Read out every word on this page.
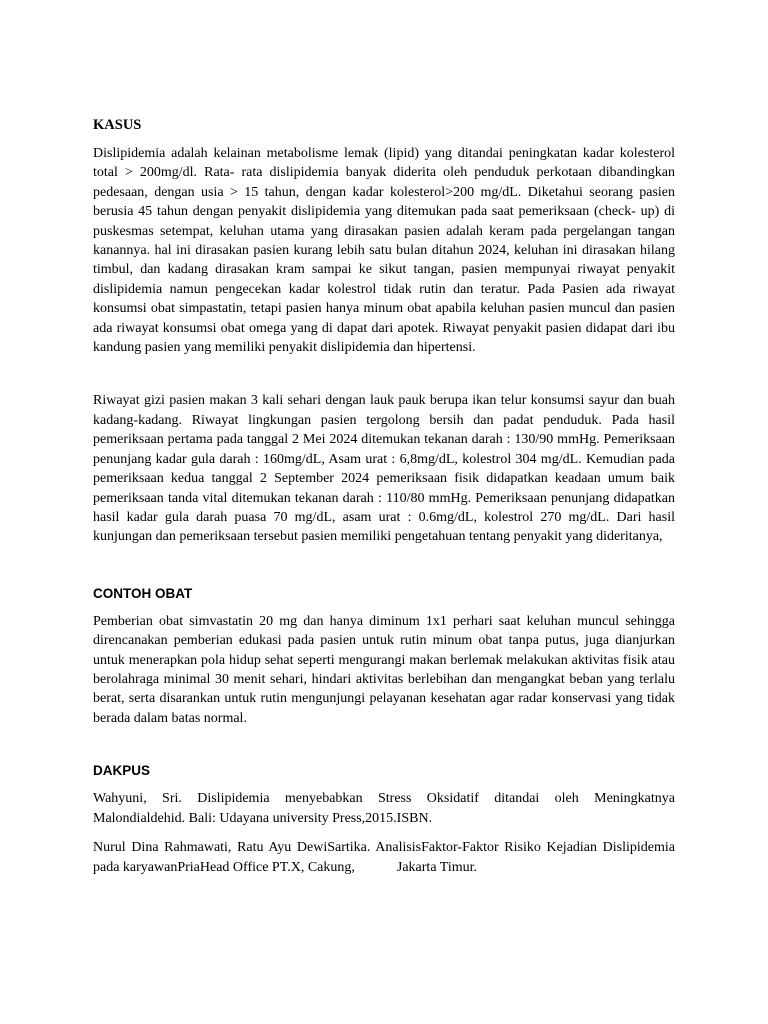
KASUS

Dislipidemia adalah kelainan metabolisme lemak (lipid) yang ditandai peningkatan kadar kolesterol total > 200mg/dl. Rata- rata dislipidemia banyak diderita oleh penduduk perkotaan dibandingkan pedesaan, dengan usia > 15 tahun, dengan kadar kolesterol>200 mg/dL. Diketahui seorang pasien berusia 45 tahun dengan penyakit dislipidemia yang ditemukan pada saat pemeriksaan (check- up) di puskesmas setempat, keluhan utama yang dirasakan pasien adalah keram pada pergelangan tangan kanannya. hal ini dirasakan pasien kurang lebih satu bulan ditahun 2024, keluhan ini dirasakan hilang timbul, dan kadang dirasakan kram sampai ke sikut tangan, pasien mempunyai riwayat penyakit dislipidemia namun pengecekan kadar kolestrol tidak rutin dan teratur. Pada Pasien ada riwayat konsumsi obat simpastatin, tetapi pasien hanya minum obat apabila keluhan pasien muncul dan pasien ada riwayat konsumsi obat omega yang di dapat dari apotek. Riwayat penyakit pasien didapat dari ibu kandung pasien yang memiliki penyakit dislipidemia dan hipertensi.

Riwayat gizi pasien makan 3 kali sehari dengan lauk pauk berupa ikan telur konsumsi sayur dan buah kadang-kadang. Riwayat lingkungan pasien tergolong bersih dan padat penduduk. Pada hasil pemeriksaan pertama pada tanggal 2 Mei 2024 ditemukan tekanan darah : 130/90 mmHg. Pemeriksaan penunjang kadar gula darah : 160mg/dL, Asam urat : 6,8mg/dL, kolestrol 304 mg/dL. Kemudian pada pemeriksaan kedua tanggal 2 September 2024 pemeriksaan fisik didapatkan keadaan umum baik pemeriksaan tanda vital ditemukan tekanan darah : 110/80 mmHg. Pemeriksaan penunjang didapatkan hasil kadar gula darah puasa 70 mg/dL, asam urat : 0.6mg/dL, kolestrol 270 mg/dL. Dari hasil kunjungan dan pemeriksaan tersebut pasien memiliki pengetahuan tentang penyakit yang dideritanya,

CONTOH OBAT

Pemberian obat simvastatin 20 mg dan hanya diminum 1x1 perhari saat keluhan muncul sehingga direncanakan pemberian edukasi pada pasien untuk rutin minum obat tanpa putus, juga dianjurkan untuk menerapkan pola hidup sehat seperti mengurangi makan berlemak melakukan aktivitas fisik atau berolahraga minimal 30 menit sehari, hindari aktivitas berlebihan dan mengangkat beban yang terlalu berat, serta disarankan untuk rutin mengunjungi pelayanan kesehatan agar radar konservasi yang tidak berada dalam batas normal.

DAKPUS

Wahyuni, Sri. Dislipidemia menyebabkan Stress Oksidatif ditandai oleh Meningkatnya Malondialdehid. Bali: Udayana university Press,2015.ISBN.

Nurul Dina Rahmawati, Ratu Ayu DewiSartika. AnalisisFaktor-Faktor Risiko Kejadian Dislipidemia pada karyawanPriaHead Office PT.X, Cakung,            Jakarta Timur.
